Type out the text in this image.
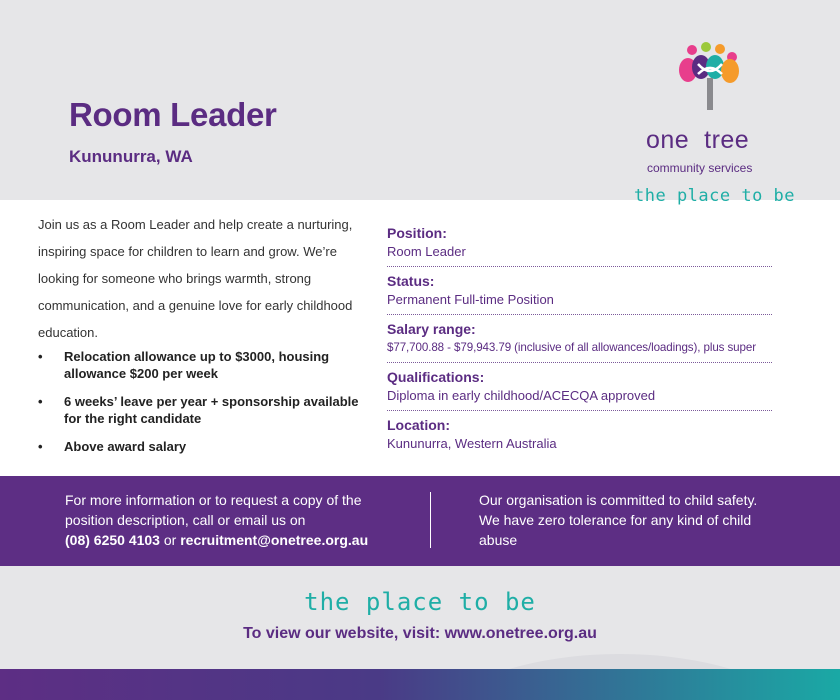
Room Leader
Kununurra, WA
one tree
community services
the place to be

Join us as a Room Leader and help create a nurturing, inspiring space for children to learn and grow. We’re looking for someone who brings warmth, strong communication, and a genuine love for early childhood education.

• Relocation allowance up to $3000, housing allowance $200 per week
• 6 weeks’ leave per year + sponsorship available for the right candidate
• Above award salary
Position:
Room Leader
Status:
Permanent Full-time Position
Salary range:
$77,700.88 - $79,943.79 (inclusive of all allowances/loadings), plus super
Qualifications:
Diploma in early childhood/ACECQA approved
Location:
Kununurra, Western Australia
For more information or to request a copy of the position description, call or email us on
(08) 6250 4103 or recruitment@onetree.org.au
Our organisation is committed to child safety. We have zero tolerance for any kind of child abuse
the place to be
To view our website, visit: www.onetree.org.au
